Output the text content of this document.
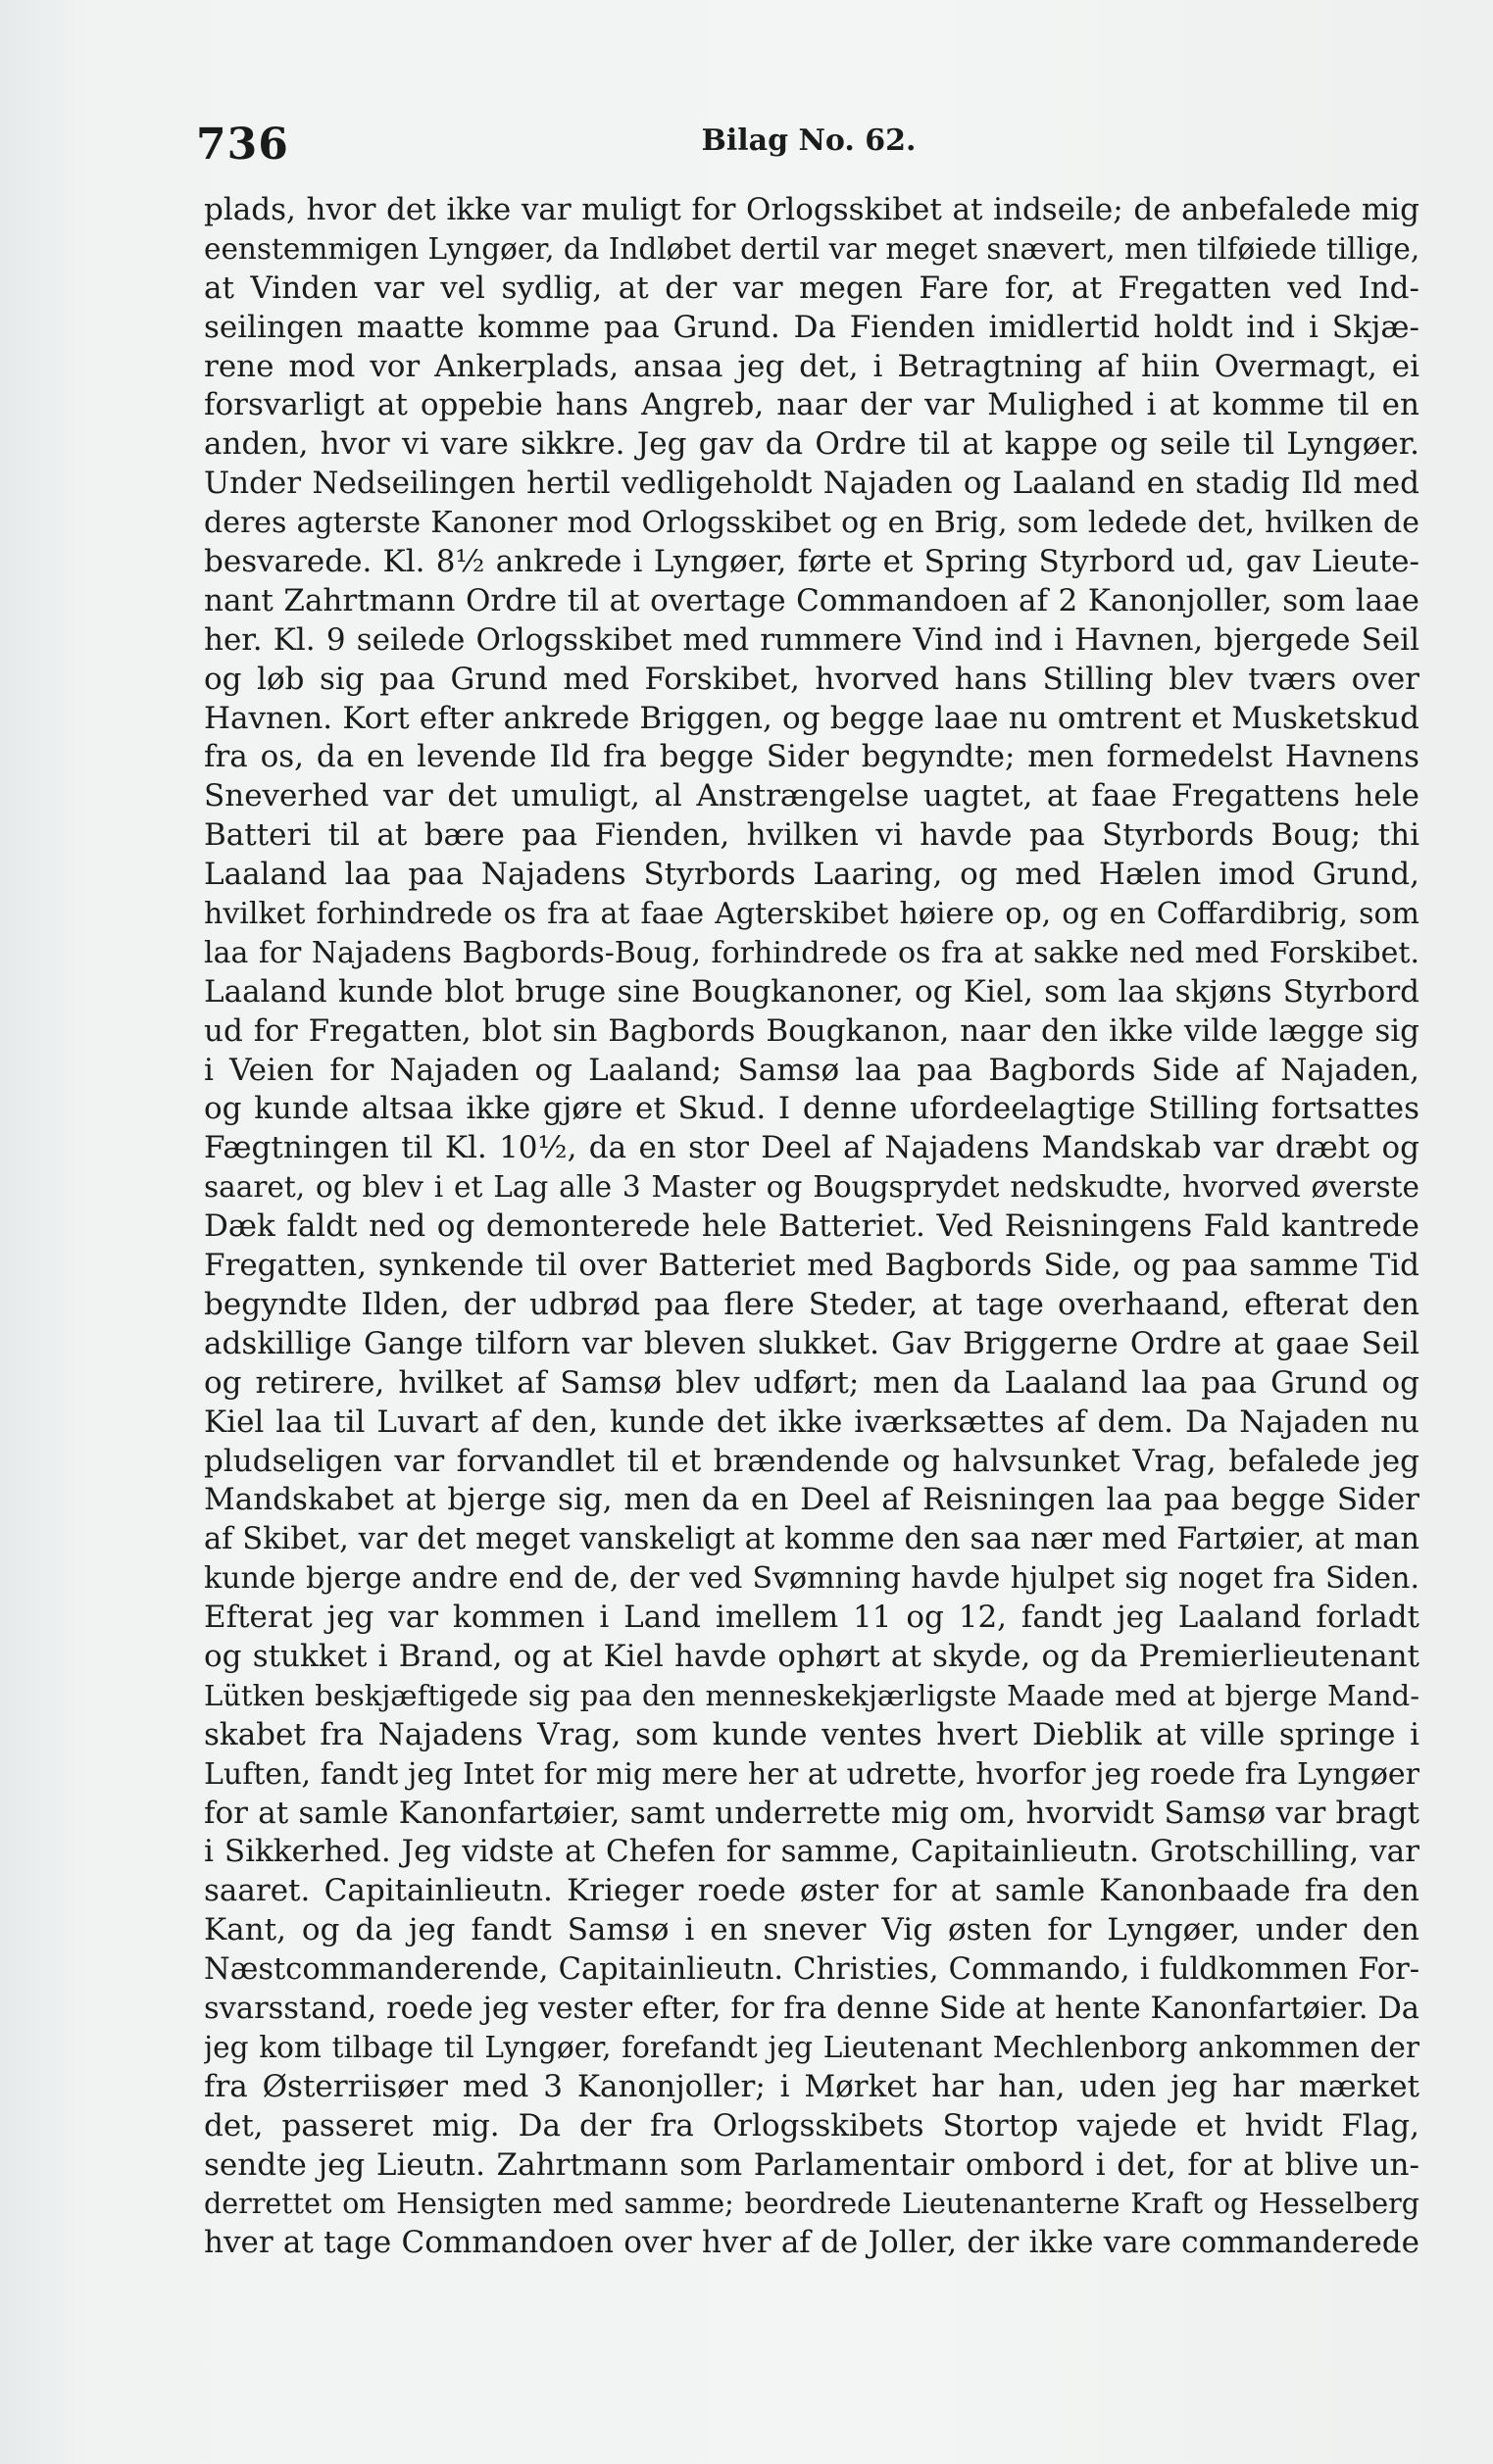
736	Bilag No. 62.
plads, hvor det ikke var muligt for Orlogsskibet at indseile; de anbefalede mig
eenstemmigen Lyngøer, da Indløbet dertil var meget snævert, men tilføiede tillige,
at Vinden var vel sydlig, at der var megen Fare for, at Fregatten ved Ind-
seilingen maatte komme paa Grund. Da Fienden imidlertid holdt ind i Skjæ-
rene mod vor Ankerplads, ansaa jeg det, i Betragtning af hiin Overmagt, ei
forsvarligt at oppebie hans Angreb, naar der var Mulighed i at komme til en
anden, hvor vi vare sikkre. Jeg gav da Ordre til at kappe og seile til Lyngøer.
Under Nedseilingen hertil vedligeholdt Najaden og Laaland en stadig Ild med
deres agterste Kanoner mod Orlogsskibet og en Brig, som ledede det, hvilken de
besvarede. Kl. 8½ ankrede i Lyngøer, førte et Spring Styrbord ud, gav Lieute-
nant Zahrtmann Ordre til at overtage Commandoen af 2 Kanonjoller, som laae
her. Kl. 9 seilede Orlogsskibet med rummere Vind ind i Havnen, bjergede Seil
og løb sig paa Grund med Forskibet, hvorved hans Stilling blev tværs over
Havnen. Kort efter ankrede Briggen, og begge laae nu omtrent et Musketskud
fra os, da en levende Ild fra begge Sider begyndte; men formedelst Havnens
Sneverhed var det umuligt, al Anstrængelse uagtet, at faae Fregattens hele
Batteri til at bære paa Fienden, hvilken vi havde paa Styrbords Boug; thi
Laaland laa paa Najadens Styrbords Laaring, og med Hælen imod Grund,
hvilket forhindrede os fra at faae Agterskibet høiere op, og en Coffardibrig, som
laa for Najadens Bagbords-Boug, forhindrede os fra at sakke ned med Forskibet.
Laaland kunde blot bruge sine Bougkanoner, og Kiel, som laa skjøns Styrbord
ud for Fregatten, blot sin Bagbords Bougkanon, naar den ikke vilde lægge sig
i Veien for Najaden og Laaland; Samsø laa paa Bagbords Side af Najaden,
og kunde altsaa ikke gjøre et Skud. I denne ufordeelagtige Stilling fortsattes
Fægtningen til Kl. 10½, da en stor Deel af Najadens Mandskab var dræbt og
saaret, og blev i et Lag alle 3 Master og Bougsprydet nedskudte, hvorved øverste
Dæk faldt ned og demonterede hele Batteriet. Ved Reisningens Fald kantrede
Fregatten, synkende til over Batteriet med Bagbords Side, og paa samme Tid
begyndte Ilden, der udbrød paa flere Steder, at tage overhaand, efterat den
adskillige Gange tilforn var bleven slukket. Gav Briggerne Ordre at gaae Seil
og retirere, hvilket af Samsø blev udført; men da Laaland laa paa Grund og
Kiel laa til Luvart af den, kunde det ikke iværksættes af dem. Da Najaden nu
pludseligen var forvandlet til et brændende og halvsunket Vrag, befalede jeg
Mandskabet at bjerge sig, men da en Deel af Reisningen laa paa begge Sider
af Skibet, var det meget vanskeligt at komme den saa nær med Fartøier, at man
kunde bjerge andre end de, der ved Svømning havde hjulpet sig noget fra Siden.
Efterat jeg var kommen i Land imellem 11 og 12, fandt jeg Laaland forladt
og stukket i Brand, og at Kiel havde ophørt at skyde, og da Premierlieutenant
Lütken beskjæftigede sig paa den menneskekjærligste Maade med at bjerge Mand-
skabet fra Najadens Vrag, som kunde ventes hvert Dieblik at ville springe i
Luften, fandt jeg Intet for mig mere her at udrette, hvorfor jeg roede fra Lyngøer
for at samle Kanonfartøier, samt underrette mig om, hvorvidt Samsø var bragt
i Sikkerhed. Jeg vidste at Chefen for samme, Capitainlieutn. Grotschilling, var
saaret. Capitainlieutn. Krieger roede øster for at samle Kanonbaade fra den
Kant, og da jeg fandt Samsø i en snever Vig østen for Lyngøer, under den
Næstcommanderende, Capitainlieutn. Christies, Commando, i fuldkommen For-
svarsstand, roede jeg vester efter, for fra denne Side at hente Kanonfartøier. Da
jeg kom tilbage til Lyngøer, forefandt jeg Lieutenant Mechlenborg ankommen der
fra Østerriisøer med 3 Kanonjoller; i Mørket har han, uden jeg har mærket
det, passeret mig. Da der fra Orlogsskibets Stortop vajede et hvidt Flag,
sendte jeg Lieutn. Zahrtmann som Parlamentair ombord i det, for at blive un-
derrettet om Hensigten med samme; beordrede Lieutenanterne Kraft og Hesselberg
hver at tage Commandoen over hver af de Joller, der ikke vare commanderede
